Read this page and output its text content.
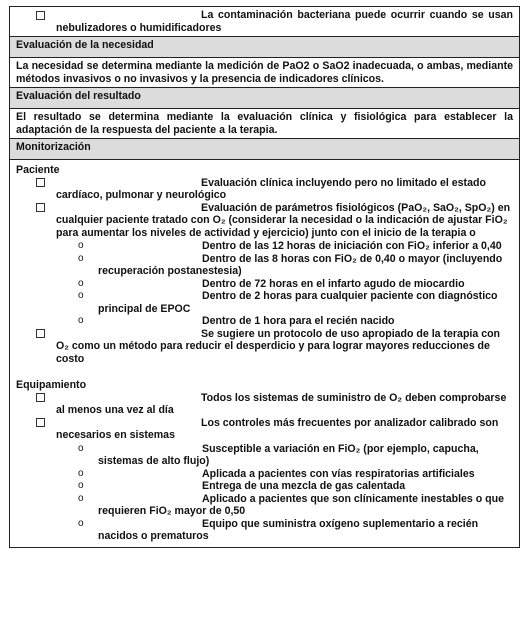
La contaminación bacteriana puede ocurrir cuando se usan nebulizadores o humidificadores

Evaluación de la necesidad
La necesidad se determina mediante la medición de PaO2 o SaO2 inadecuada, o ambas, mediante métodos invasivos o no invasivos y la presencia de indicadores clínicos.
Evaluación del resultado
El resultado se determina mediante la evaluación clínica y fisiológica para establecer la adaptación de la respuesta del paciente a la terapia.
Monitorización

Paciente
Evaluación clínica incluyendo pero no limitado el estado cardíaco, pulmonar y neurológico
Evaluación de parámetros fisiológicos (PaO₂, SaO₂, SpO₂) en cualquier paciente tratado con O₂ (considerar la necesidad o la indicación de ajustar FiO₂ para aumentar los niveles de actividad y ejercicio) junto con el inicio de la terapia o
o	Dentro de las 12 horas de iniciación con FiO₂ inferior a 0,40
o	Dentro de las 8 horas con FiO₂ de 0,40 o mayor (incluyendo recuperación postanestesia)
o	Dentro de 72 horas en el infarto agudo de miocardio
o	Dentro de 2 horas para cualquier paciente con diagnóstico principal de EPOC
o	Dentro de 1 hora para el recién nacido
Se sugiere un protocolo de uso apropiado de la terapia con O₂ como un método para reducir el desperdicio y para lograr mayores reducciones de costo
Equipamiento
Todos los sistemas de suministro de O₂ deben comprobarse al menos una vez al día
Los controles más frecuentes por analizador calibrado son necesarios en sistemas
o	Susceptible a variación en FiO₂ (por ejemplo, capucha, sistemas de alto flujo)
o	Aplicada a pacientes con vías respiratorias artificiales
o	Entrega de una mezcla de gas calentada
o	Aplicado a pacientes que son clínicamente inestables o que requieren FiO₂ mayor de 0,50
o	Equipo que suministra oxígeno suplementario a recién nacidos o prematuros
